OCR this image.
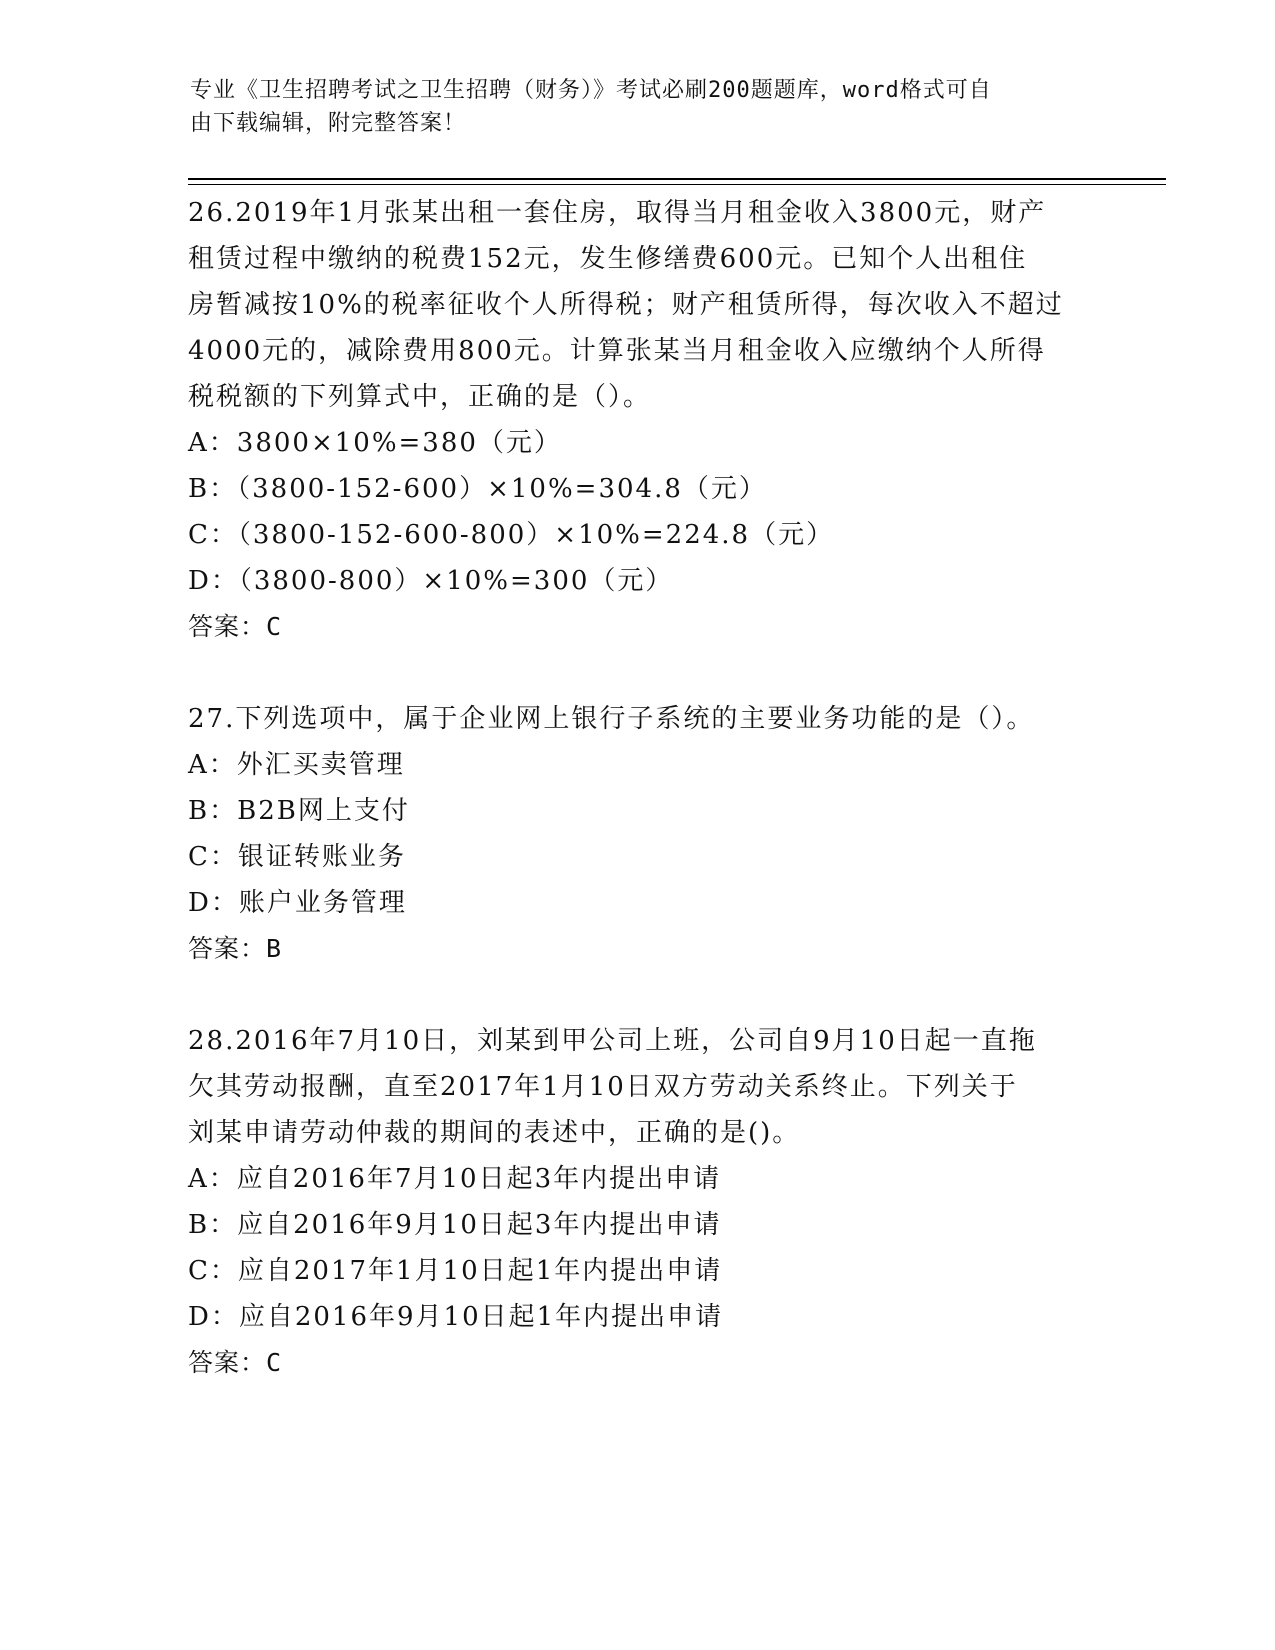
专业《卫生招聘考试之卫生招聘（财务）》考试必刷200题题库，word格式可自
由下载编辑，附完整答案！
26.2019年1月张某出租一套住房，取得当月租金收入3800元，财产
租赁过程中缴纳的税费152元，发生修缮费600元。已知个人出租住
房暂减按10%的税率征收个人所得税；财产租赁所得，每次收入不超过
4000元的，减除费用800元。计算张某当月租金收入应缴纳个人所得
税税额的下列算式中，正确的是（）。
A：3800×10%=380（元）
B：（3800-152-600）×10%=304.8（元）
C：（3800-152-600-800）×10%=224.8（元）
D：（3800-800）×10%=300（元）
答案：C
27.下列选项中，属于企业网上银行子系统的主要业务功能的是（）。
A：外汇买卖管理
B：B2B网上支付
C：银证转账业务
D：账户业务管理
答案：B
28.2016年7月10日，刘某到甲公司上班，公司自9月10日起一直拖
欠其劳动报酬，直至2017年1月10日双方劳动关系终止。下列关于
刘某申请劳动仲裁的期间的表述中，正确的是()。
A：应自2016年7月10日起3年内提出申请
B：应自2016年9月10日起3年内提出申请
C：应自2017年1月10日起1年内提出申请
D：应自2016年9月10日起1年内提出申请
答案：C
